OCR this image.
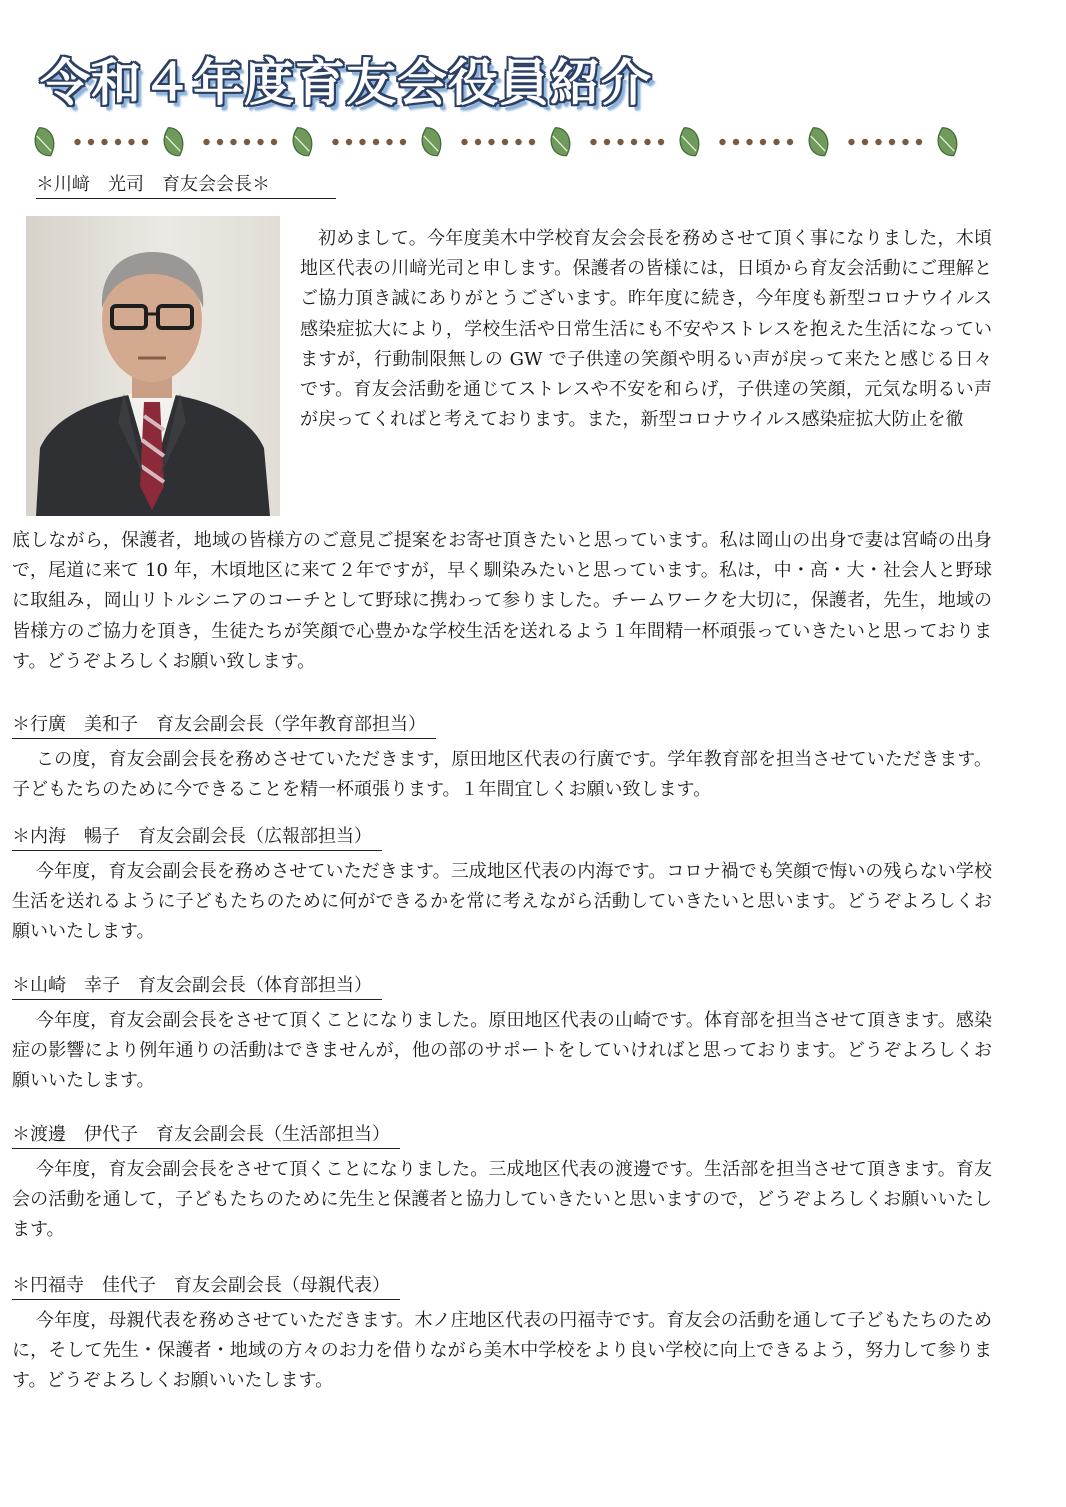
令和４年度育友会役員紹介
＊川﨑　光司　育友会会長＊

初めまして。今年度美木中学校育友会会長を務めさせて頂く事になりました，木頃地区代表の川﨑光司と申します。保護者の皆様には，日頃から育友会活動にご理解とご協力頂き誠にありがとうございます。昨年度に続き，今年度も新型コロナウイルス感染症拡大により，学校生活や日常生活にも不安やストレスを抱えた生活になっていますが，行動制限無しの GW で子供達の笑顔や明るい声が戻って来たと感じる日々です。育友会活動を通じてストレスや不安を和らげ，子供達の笑顔，元気な明るい声が戻ってくればと考えております。また，新型コロナウイルス感染症拡大防止を徹

底しながら，保護者，地域の皆様方のご意見ご提案をお寄せ頂きたいと思っています。私は岡山の出身で妻は宮崎の出身で，尾道に来て 10 年，木頃地区に来て２年ですが，早く馴染みたいと思っています。私は，中・高・大・社会人と野球に取組み，岡山リトルシニアのコーチとして野球に携わって参りました。チームワークを大切に，保護者，先生，地域の皆様方のご協力を頂き，生徒たちが笑顔で心豊かな学校生活を送れるよう１年間精一杯頑張っていきたいと思っております。どうぞよろしくお願い致します。

＊行廣　美和子　育友会副会長（学年教育部担当）

この度，育友会副会長を務めさせていただきます，原田地区代表の行廣です。学年教育部を担当させていただきます。子どもたちのために今できることを精一杯頑張ります。１年間宜しくお願い致します。

＊内海　暢子　育友会副会長（広報部担当）

今年度，育友会副会長を務めさせていただきます。三成地区代表の内海です。コロナ禍でも笑顔で悔いの残らない学校生活を送れるように子どもたちのために何ができるかを常に考えながら活動していきたいと思います。どうぞよろしくお願いいたします。

＊山崎　幸子　育友会副会長（体育部担当）

今年度，育友会副会長をさせて頂くことになりました。原田地区代表の山崎です。体育部を担当させて頂きます。感染症の影響により例年通りの活動はできませんが，他の部のサポートをしていければと思っております。どうぞよろしくお願いいたします。

＊渡邊　伊代子　育友会副会長（生活部担当）

今年度，育友会副会長をさせて頂くことになりました。三成地区代表の渡邊です。生活部を担当させて頂きます。育友会の活動を通して，子どもたちのために先生と保護者と協力していきたいと思いますので，どうぞよろしくお願いいたします。

＊円福寺　佳代子　育友会副会長（母親代表）

今年度，母親代表を務めさせていただきます。木ノ庄地区代表の円福寺です。育友会の活動を通して子どもたちのために，そして先生・保護者・地域の方々のお力を借りながら美木中学校をより良い学校に向上できるよう，努力して参ります。どうぞよろしくお願いいたします。
